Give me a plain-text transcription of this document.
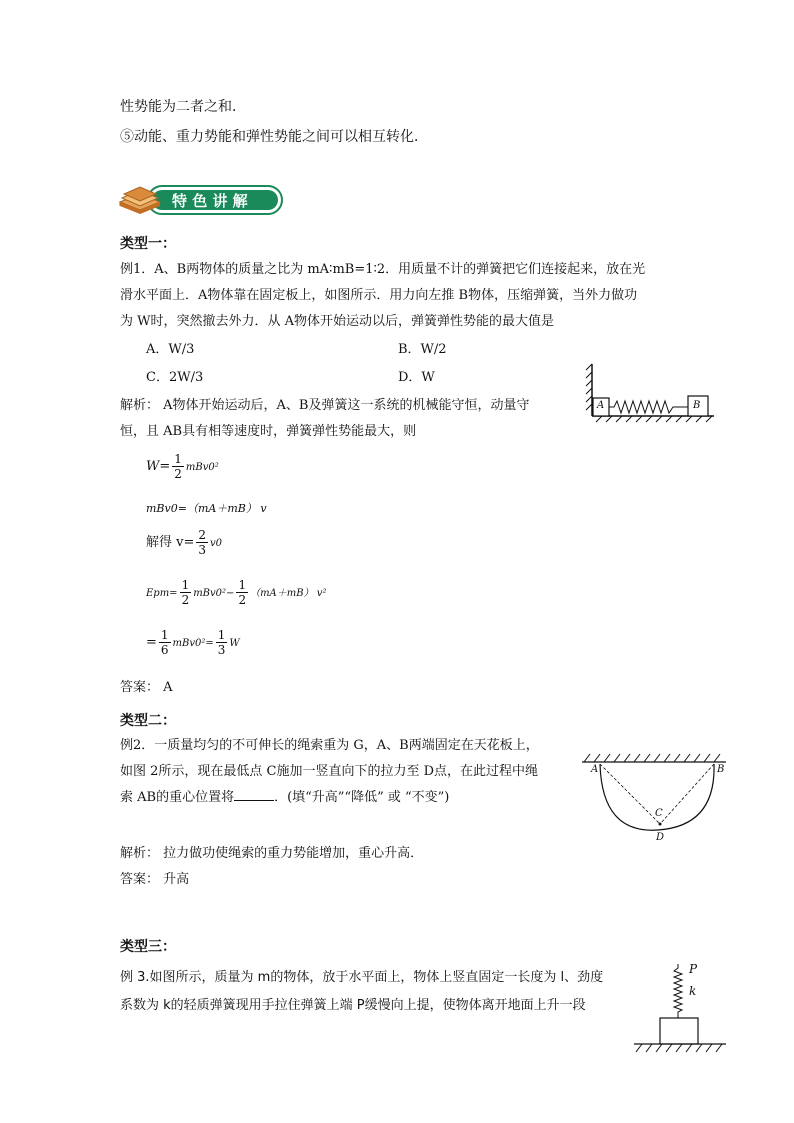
性势能为二者之和．
⑤动能、重力势能和弹性势能之间可以相互转化．
特 色 讲 解
类型一：
例1．A、B两物体的质量之比为 mA∶mB=1∶2．用质量不计的弹簧把它们连接起来，放在光
滑水平面上．A物体靠在固定板上，如图所示．用力向左推 B物体，压缩弹簧，当外力做功
为 W时，突然撤去外力．从 A物体开始运动以后，弹簧弹性势能的最大值是
A．W/3	B．W/2
C．2W/3	D．W
A	B
解析： A物体开始运动后，A、B及弹簧这一系统的机械能守恒，动量守
恒，且 AB具有相等速度时，弹簧弹性势能最大，则
$W= \frac{1}{2} mBv0^2$
mBv0=（mA＋mB） v
解得 $v= \frac{2}{3} v0$
$Epm= \frac{1}{2} mBv0^2- \frac{1}{2} (mA+mB)$ v²
= $\frac{1}{6} mBv0^2= \frac{1}{3}$ W
答案： A
类型二：
例2．一质量均匀的不可伸长的绳索重为 G，A、B两端固定在天花板上，
如图 2所示，现在最低点 C施加一竖直向下的拉力至 D点，在此过程中绳
索 AB的重心位置将	．(填“升高”“降低” 或 “不变”)
A	B
C
D
解析： 拉力做功使绳索的重力势能增加，重心升高．
答案： 升高
类型三：
例 3.如图所示，质量为 m的物体，放于水平面上，物体上竖直固定一长度为 l、劲度
系数为 k的轻质弹簧现用手拉住弹簧上端 P缓慢向上提，使物体离开地面上升一段
P
k
